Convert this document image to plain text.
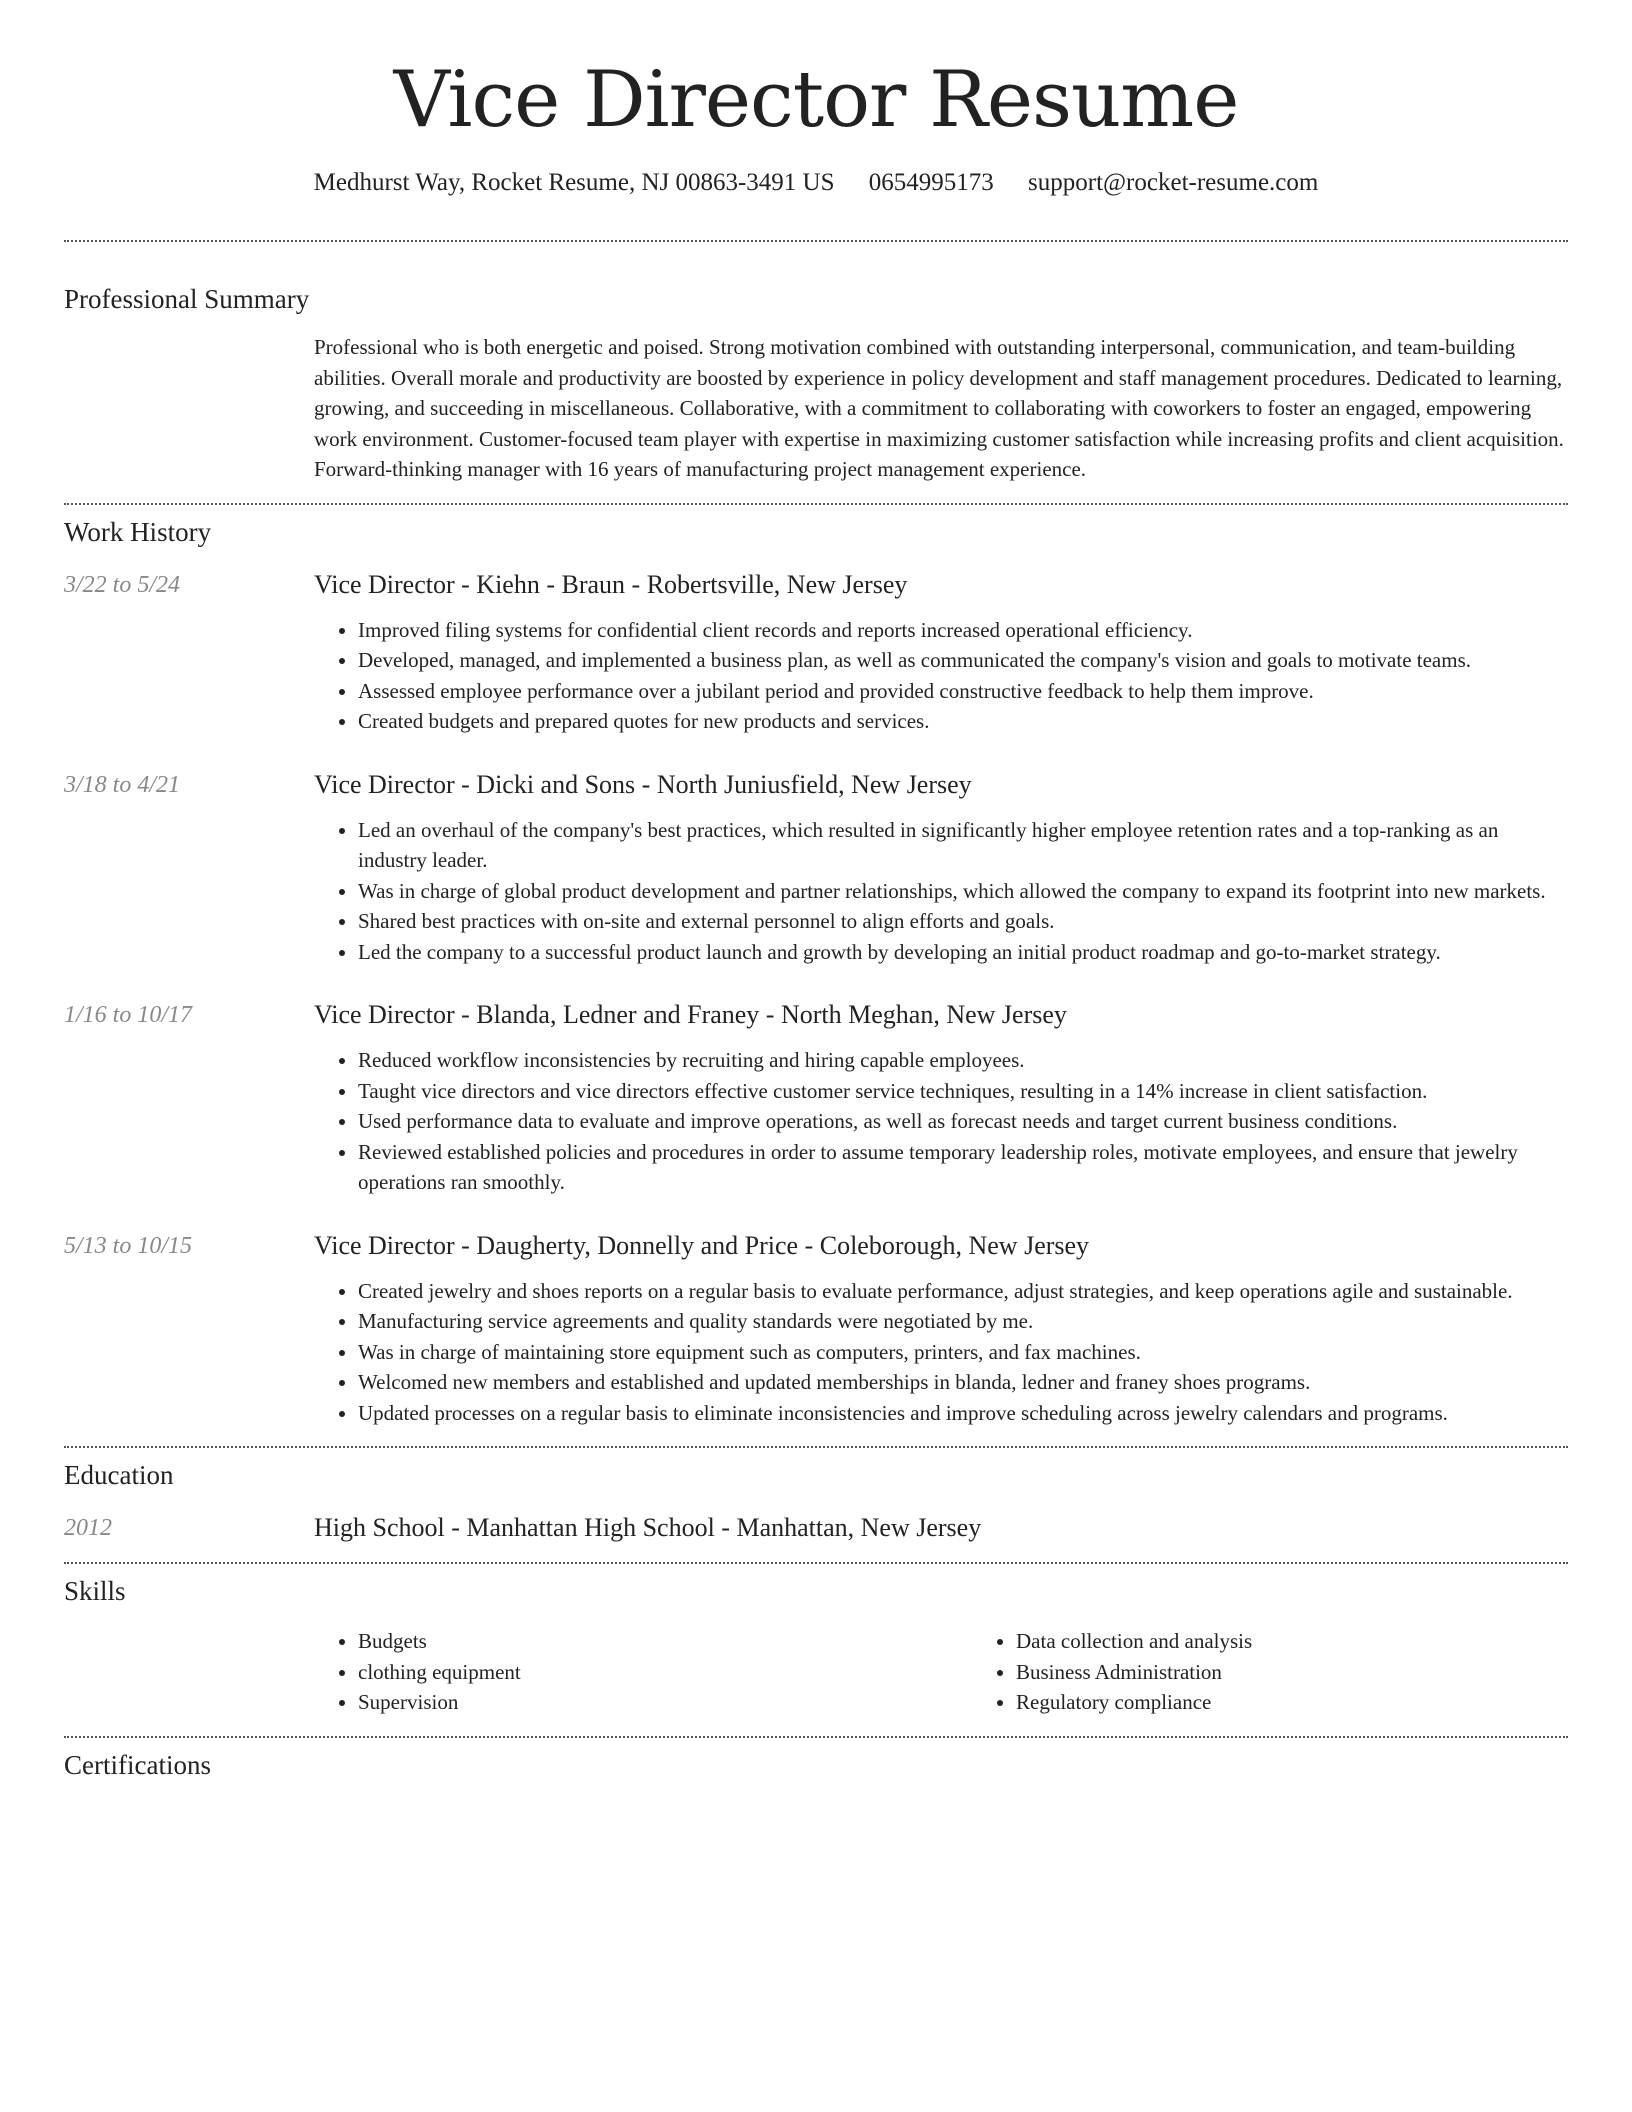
Vice Director Resume
Medhurst Way, Rocket Resume, NJ 00863-3491 US 0654995173 support@rocket-resume.com
Professional Summary
Professional who is both energetic and poised. Strong motivation combined with outstanding interpersonal, communication, and team-building abilities. Overall morale and productivity are boosted by experience in policy development and staff management procedures. Dedicated to learning, growing, and succeeding in miscellaneous. Collaborative, with a commitment to collaborating with coworkers to foster an engaged, empowering work environment. Customer-focused team player with expertise in maximizing customer satisfaction while increasing profits and client acquisition. Forward-thinking manager with 16 years of manufacturing project management experience.
Work History
3/22 to 5/24	Vice Director - Kiehn - Braun - Robertsville, New Jersey
• Improved filing systems for confidential client records and reports increased operational efficiency.
• Developed, managed, and implemented a business plan, as well as communicated the company's vision and goals to motivate teams.
• Assessed employee performance over a jubilant period and provided constructive feedback to help them improve.
• Created budgets and prepared quotes for new products and services.
3/18 to 4/21	Vice Director - Dicki and Sons - North Juniusfield, New Jersey
• Led an overhaul of the company's best practices, which resulted in significantly higher employee retention rates and a top-ranking as an industry leader.
• Was in charge of global product development and partner relationships, which allowed the company to expand its footprint into new markets.
• Shared best practices with on-site and external personnel to align efforts and goals.
• Led the company to a successful product launch and growth by developing an initial product roadmap and go-to-market strategy.
1/16 to 10/17	Vice Director - Blanda, Ledner and Franey - North Meghan, New Jersey
• Reduced workflow inconsistencies by recruiting and hiring capable employees.
• Taught vice directors and vice directors effective customer service techniques, resulting in a 14% increase in client satisfaction.
• Used performance data to evaluate and improve operations, as well as forecast needs and target current business conditions.
• Reviewed established policies and procedures in order to assume temporary leadership roles, motivate employees, and ensure that jewelry operations ran smoothly.
5/13 to 10/15	Vice Director - Daugherty, Donnelly and Price - Coleborough, New Jersey
• Created jewelry and shoes reports on a regular basis to evaluate performance, adjust strategies, and keep operations agile and sustainable.
• Manufacturing service agreements and quality standards were negotiated by me.
• Was in charge of maintaining store equipment such as computers, printers, and fax machines.
• Welcomed new members and established and updated memberships in blanda, ledner and franey shoes programs.
• Updated processes on a regular basis to eliminate inconsistencies and improve scheduling across jewelry calendars and programs.
Education
2012	High School - Manhattan High School - Manhattan, New Jersey
Skills
• Budgets
• clothing equipment
• Supervision
• Data collection and analysis
• Business Administration
• Regulatory compliance
Certifications
